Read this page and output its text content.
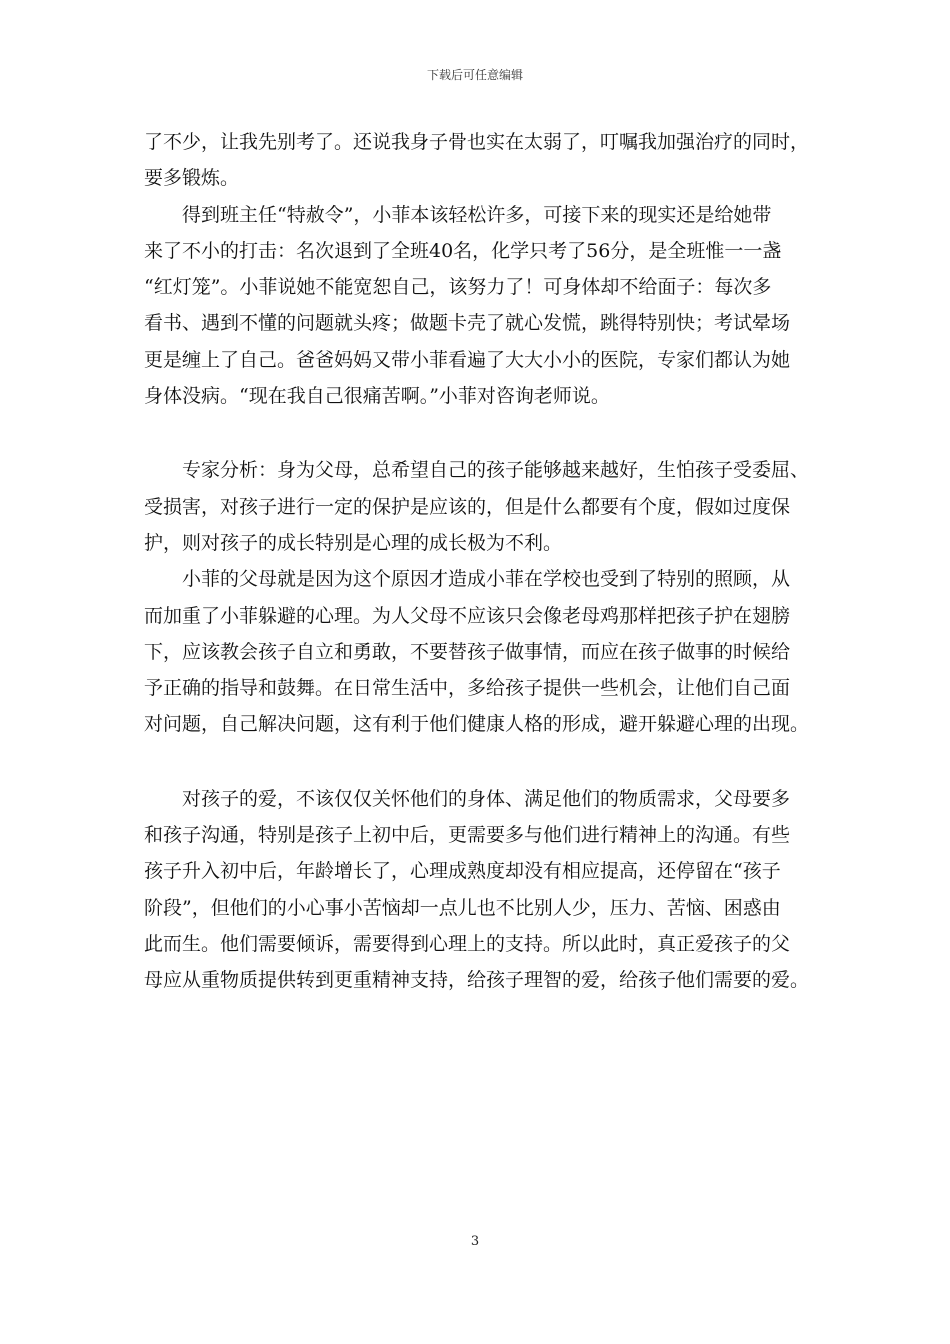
下载后可任意编辑

了不少，让我先别考了。还说我身子骨也实在太弱了，叮嘱我加强治疗的同时，
要多锻炼。

　　得到班主任“特赦令”，小菲本该轻松许多，可接下来的现实还是给她带
来了不小的打击：名次退到了全班40名，化学只考了56分，是全班惟一一盏
“红灯笼”。小菲说她不能宽恕自己，该努力了！可身体却不给面子：每次多
看书、遇到不懂的问题就头疼；做题卡壳了就心发慌，跳得特别快；考试晕场
更是缠上了自己。爸爸妈妈又带小菲看遍了大大小小的医院，专家们都认为她
身体没病。“现在我自己很痛苦啊。”小菲对咨询老师说。

　　专家分析：身为父母，总希望自己的孩子能够越来越好，生怕孩子受委屈、
受损害，对孩子进行一定的保护是应该的，但是什么都要有个度，假如过度保
护，则对孩子的成长特别是心理的成长极为不利。

　　小菲的父母就是因为这个原因才造成小菲在学校也受到了特别的照顾，从
而加重了小菲躲避的心理。为人父母不应该只会像老母鸡那样把孩子护在翅膀
下，应该教会孩子自立和勇敢，不要替孩子做事情，而应在孩子做事的时候给
予正确的指导和鼓舞。在日常生活中，多给孩子提供一些机会，让他们自己面
对问题，自己解决问题，这有利于他们健康人格的形成，避开躲避心理的出现。

　　对孩子的爱，不该仅仅关怀他们的身体、满足他们的物质需求，父母要多
和孩子沟通，特别是孩子上初中后，更需要多与他们进行精神上的沟通。有些
孩子升入初中后，年龄增长了，心理成熟度却没有相应提高，还停留在“孩子
阶段”，但他们的小心事小苦恼却一点儿也不比别人少，压力、苦恼、困惑由
此而生。他们需要倾诉，需要得到心理上的支持。所以此时，真正爱孩子的父
母应从重物质提供转到更重精神支持，给孩子理智的爱，给孩子他们需要的爱。

3
